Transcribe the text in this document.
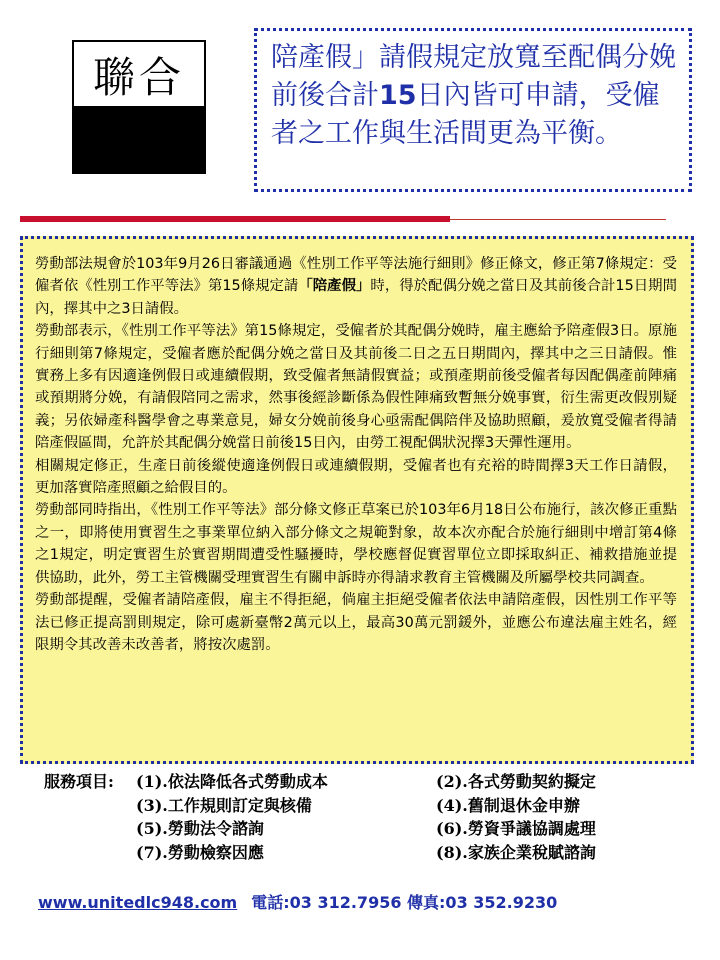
聯合	陪產假」請假規定放寬至配偶分娩前後合計15日內皆可申請，受僱者之工作與生活間更為平衡。

勞動部法規會於103年9月26日審議通過《性別工作平等法施行細則》修正條文，修正第7條規定：受僱者依《性別工作平等法》第15條規定請「陪產假」時，得於配偶分娩之當日及其前後合計15日期間內，擇其中之3日請假。

勞動部表示，《性別工作平等法》第15條規定，受僱者於其配偶分娩時，雇主應給予陪產假3日。原施行細則第7條規定，受僱者應於配偶分娩之當日及其前後二日之五日期間內，擇其中之三日請假。惟實務上多有因適逢例假日或連續假期，致受僱者無請假實益；或預產期前後受僱者每因配偶產前陣痛或預期將分娩，有請假陪同之需求，然事後經診斷係為假性陣痛致暫無分娩事實，衍生需更改假別疑義；另依婦產科醫學會之專業意見，婦女分娩前後身心亟需配偶陪伴及協助照顧，爰放寬受僱者得請陪產假區間，允許於其配偶分娩當日前後15日內，由勞工視配偶狀況擇3天彈性運用。

相關規定修正，生產日前後縱使適逢例假日或連續假期，受僱者也有充裕的時間擇3天工作日請假，更加落實陪產照顧之給假目的。

勞動部同時指出，《性別工作平等法》部分條文修正草案已於103年6月18日公布施行，該次修正重點之一，即將使用實習生之事業單位納入部分條文之規範對象，故本次亦配合於施行細則中增訂第4條之1規定，明定實習生於實習期間遭受性騷擾時，學校應督促實習單位立即採取糾正、補救措施並提供協助，此外，勞工主管機關受理實習生有關申訴時亦得請求教育主管機關及所屬學校共同調查。

勞動部提醒，受僱者請陪產假，雇主不得拒絕，倘雇主拒絕受僱者依法申請陪產假，因性別工作平等法已修正提高罰則規定，除可處新臺幣2萬元以上，最高30萬元罰鍰外，並應公布違法雇主姓名，經限期令其改善未改善者，將按次處罰。

服務項目:	(1).依法降低各式勞動成本	(2).各式勞動契約擬定
(3).工作規則訂定與核備	(4).舊制退休金申辦
(5).勞動法令諮詢	(6).勞資爭議協調處理
(7).勞動檢察因應	(8).家族企業稅賦諮詢
www.unitedlc948.com 電話:03 312.7956 傳真:03 352.9230
